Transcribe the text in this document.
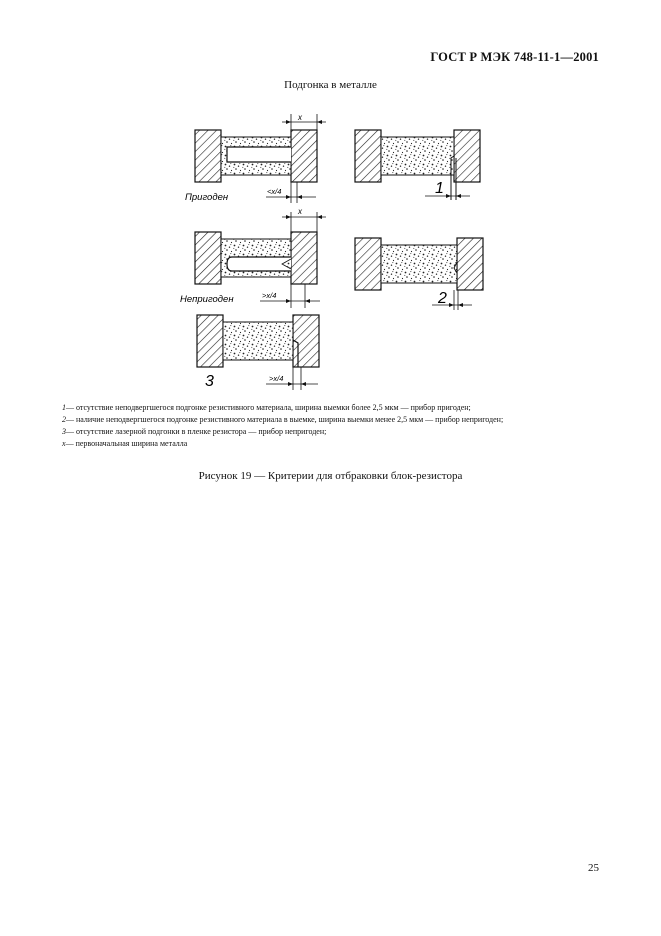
ГОСТ Р МЭК 748-11-1—2001
Подгонка в металле
Пригоден
Непригоден
x
x
<x/4
>x/4
>x/4
1
2
3
1 — отсутствие неподвергшегося подгонке резистивного материала, ширина выемки более 2,5 мкм — прибор пригоден;
2 — наличие неподвергшегося подгонке резистивного материала в выемке, ширина выемки менее 2,5 мкм — прибор непригоден;
3 — отсутствие лазерной подгонки в пленке резистора — прибор непригоден;
x — первоначальная ширина металла
Рисунок 19 — Критерии для отбраковки блок-резистора
25
